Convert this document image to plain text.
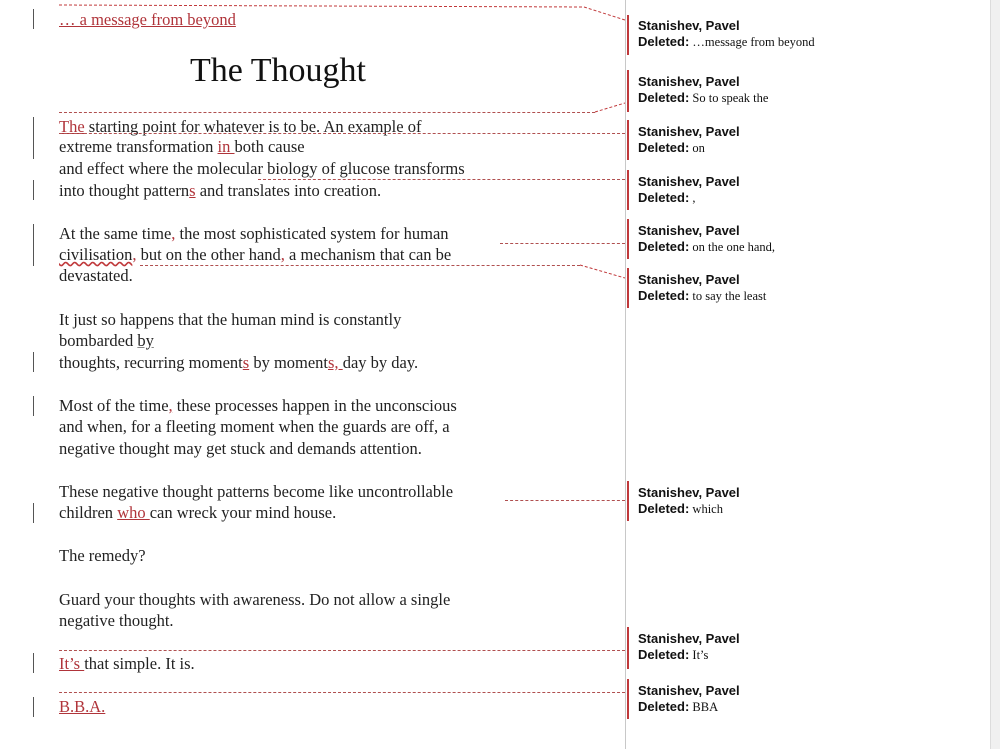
… a message from beyond
The Thought
The starting point for whatever is to be. An example of
extreme transformation in both cause
and effect where the molecular biology of glucose transforms
into thought patterns and translates into creation.
At the same time, the most sophisticated system for human
civilisation, but on the other hand, a mechanism that can be
devastated.
It just so happens that the human mind is constantly
bombarded by
thoughts, recurring moments by moments, day by day.
Most of the time, these processes happen in the unconscious
and when, for a fleeting moment when the guards are off, a
negative thought may get stuck and demands attention.
These negative thought patterns become like uncontrollable
children who can wreck your mind house.
The remedy?
Guard your thoughts with awareness. Do not allow a single
negative thought.
It’s that simple. It is.
B.B.A.
Stanishev, Pavel
Deleted: …message from beyond
Stanishev, Pavel
Deleted: So to speak the
Stanishev, Pavel
Deleted: on
Stanishev, Pavel
Deleted: ,
Stanishev, Pavel
Deleted: on the one hand,
Stanishev, Pavel
Deleted: to say the least
Stanishev, Pavel
Deleted: which
Stanishev, Pavel
Deleted: It’s
Stanishev, Pavel
Deleted: BBA
